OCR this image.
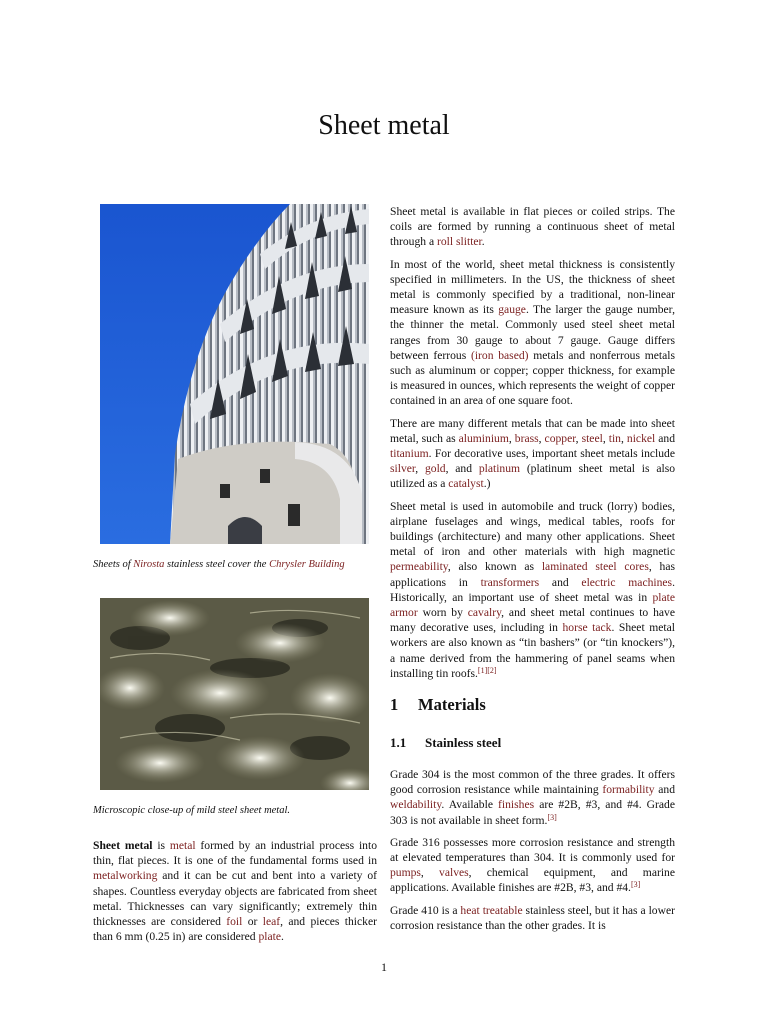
Sheet metal
Sheets of Nirosta stainless steel cover the Chrysler Building
Microscopic close-up of mild steel sheet metal.

Sheet metal is metal formed by an industrial process into thin, flat pieces. It is one of the fundamental forms used in metalworking and it can be cut and bent into a variety of shapes. Countless everyday objects are fabricated from sheet metal. Thicknesses can vary significantly; extremely thin thicknesses are considered foil or leaf, and pieces thicker than 6 mm (0.25 in) are considered plate.

Sheet metal is available in flat pieces or coiled strips. The coils are formed by running a continuous sheet of metal through a roll slitter.

In most of the world, sheet metal thickness is consistently specified in millimeters. In the US, the thickness of sheet metal is commonly specified by a traditional, non-linear measure known as its gauge. The larger the gauge number, the thinner the metal. Commonly used steel sheet metal ranges from 30 gauge to about 7 gauge. Gauge differs between ferrous (iron based) metals and nonferrous metals such as aluminum or copper; copper thickness, for example is measured in ounces, which represents the weight of copper contained in an area of one square foot.

There are many different metals that can be made into sheet metal, such as aluminium, brass, copper, steel, tin, nickel and titanium. For decorative uses, important sheet metals include silver, gold, and platinum (platinum sheet metal is also utilized as a catalyst.)

Sheet metal is used in automobile and truck (lorry) bodies, airplane fuselages and wings, medical tables, roofs for buildings (architecture) and many other applications. Sheet metal of iron and other materials with high magnetic permeability, also known as laminated steel cores, has applications in transformers and electric machines. Historically, an important use of sheet metal was in plate armor worn by cavalry, and sheet metal continues to have many decorative uses, including in horse tack. Sheet metal workers are also known as “tin bashers” (or “tin knockers”), a name derived from the hammering of panel seams when installing tin roofs.[1][2]

1 Materials
1.1 Stainless steel

Grade 304 is the most common of the three grades. It offers good corrosion resistance while maintaining formability and weldability. Available finishes are #2B, #3, and #4. Grade 303 is not available in sheet form.[3]

Grade 316 possesses more corrosion resistance and strength at elevated temperatures than 304. It is commonly used for pumps, valves, chemical equipment, and marine applications. Available finishes are #2B, #3, and #4.[3]

Grade 410 is a heat treatable stainless steel, but it has a lower corrosion resistance than the other grades. It is

1
